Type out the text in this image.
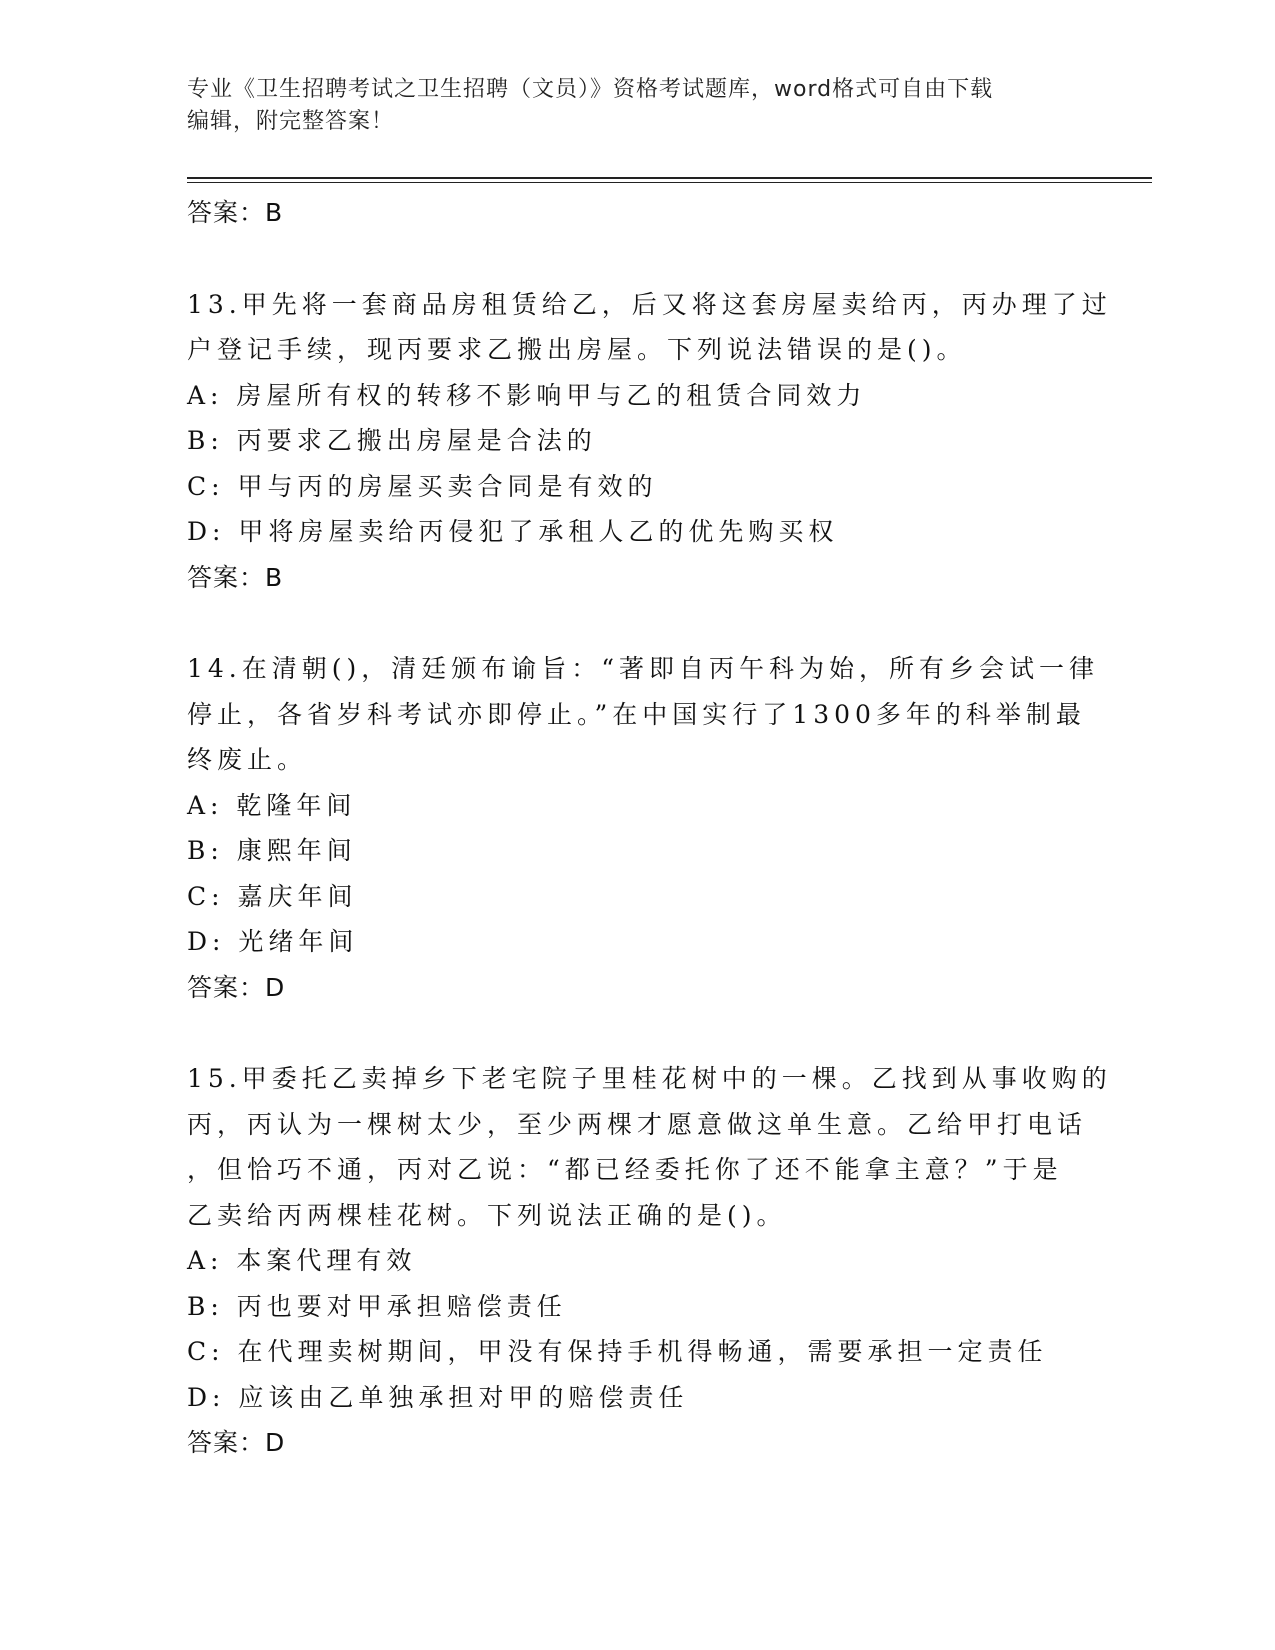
专业《卫生招聘考试之卫生招聘（文员）》资格考试题库，word格式可自由下载
编辑，附完整答案！
答案：B
13.甲先将一套商品房租赁给乙，后又将这套房屋卖给丙，丙办理了过
户登记手续，现丙要求乙搬出房屋。下列说法错误的是()。
A: 房屋所有权的转移不影响甲与乙的租赁合同效力
B: 丙要求乙搬出房屋是合法的
C: 甲与丙的房屋买卖合同是有效的
D: 甲将房屋卖给丙侵犯了承租人乙的优先购买权
答案：B
14.在清朝()，清廷颁布谕旨：“著即自丙午科为始，所有乡会试一律
停止，各省岁科考试亦即停止。”在中国实行了1300多年的科举制最
终废止。
A: 乾隆年间
B: 康熙年间
C: 嘉庆年间
D: 光绪年间
答案：D
15.甲委托乙卖掉乡下老宅院子里桂花树中的一棵。乙找到从事收购的
丙，丙认为一棵树太少，至少两棵才愿意做这单生意。乙给甲打电话
，但恰巧不通，丙对乙说：“都已经委托你了还不能拿主意？”于是
乙卖给丙两棵桂花树。下列说法正确的是()。
A: 本案代理有效
B: 丙也要对甲承担赔偿责任
C: 在代理卖树期间，甲没有保持手机得畅通，需要承担一定责任
D: 应该由乙单独承担对甲的赔偿责任
答案：D
